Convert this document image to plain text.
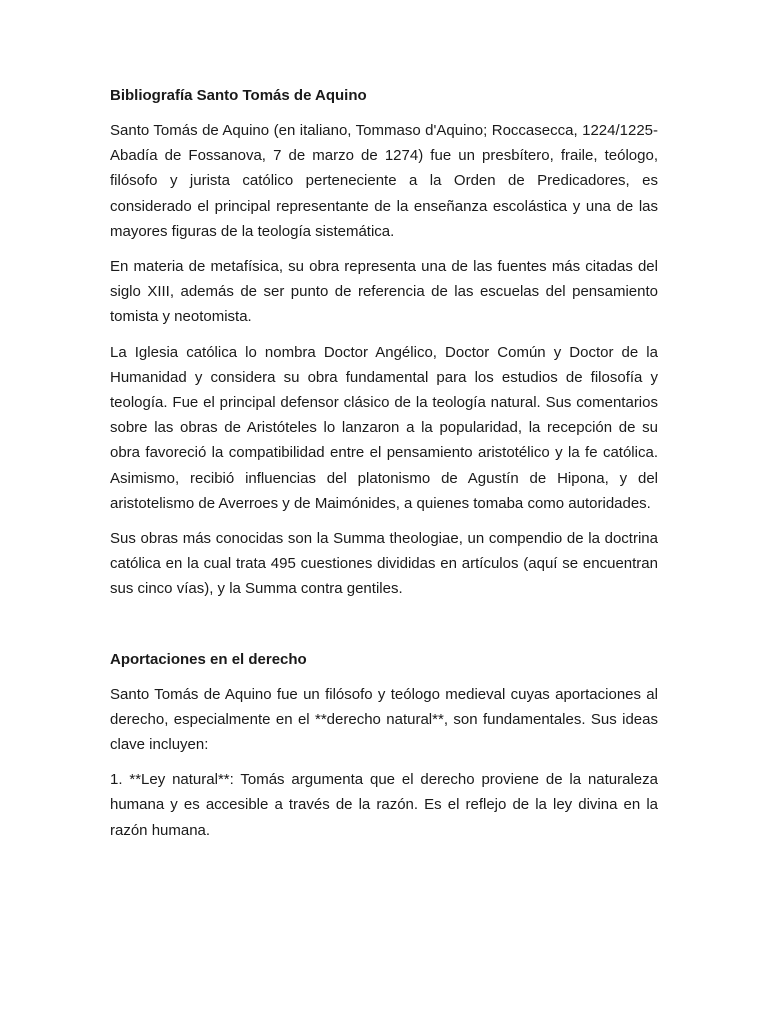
Bibliografía Santo Tomás de Aquino

Santo Tomás de Aquino (en italiano, Tommaso d'Aquino; Roccasecca, 1224/1225-Abadía de Fossanova, 7 de marzo de 1274) fue un presbítero, fraile, teólogo, filósofo y jurista católico perteneciente a la Orden de Predicadores, es considerado el principal representante de la enseñanza escolástica y una de las mayores figuras de la teología sistemática.

En materia de metafísica, su obra representa una de las fuentes más citadas del siglo XIII, además de ser punto de referencia de las escuelas del pensamiento tomista y neotomista.

La Iglesia católica lo nombra Doctor Angélico, Doctor Común y Doctor de la Humanidad y considera su obra fundamental para los estudios de filosofía y teología. Fue el principal defensor clásico de la teología natural. Sus comentarios sobre las obras de Aristóteles lo lanzaron a la popularidad, la recepción de su obra favoreció la compatibilidad entre el pensamiento aristotélico y la fe católica. Asimismo, recibió influencias del platonismo de Agustín de Hipona, y del aristotelismo de Averroes y de Maimónides, a quienes tomaba como autoridades.

Sus obras más conocidas son la Summa theologiae, un compendio de la doctrina católica en la cual trata 495 cuestiones divididas en artículos (aquí se encuentran sus cinco vías), y la Summa contra gentiles.

Aportaciones en el derecho

Santo Tomás de Aquino fue un filósofo y teólogo medieval cuyas aportaciones al derecho, especialmente en el **derecho natural**, son fundamentales. Sus ideas clave incluyen:

1. **Ley natural**: Tomás argumenta que el derecho proviene de la naturaleza humana y es accesible a través de la razón. Es el reflejo de la ley divina en la razón humana.
